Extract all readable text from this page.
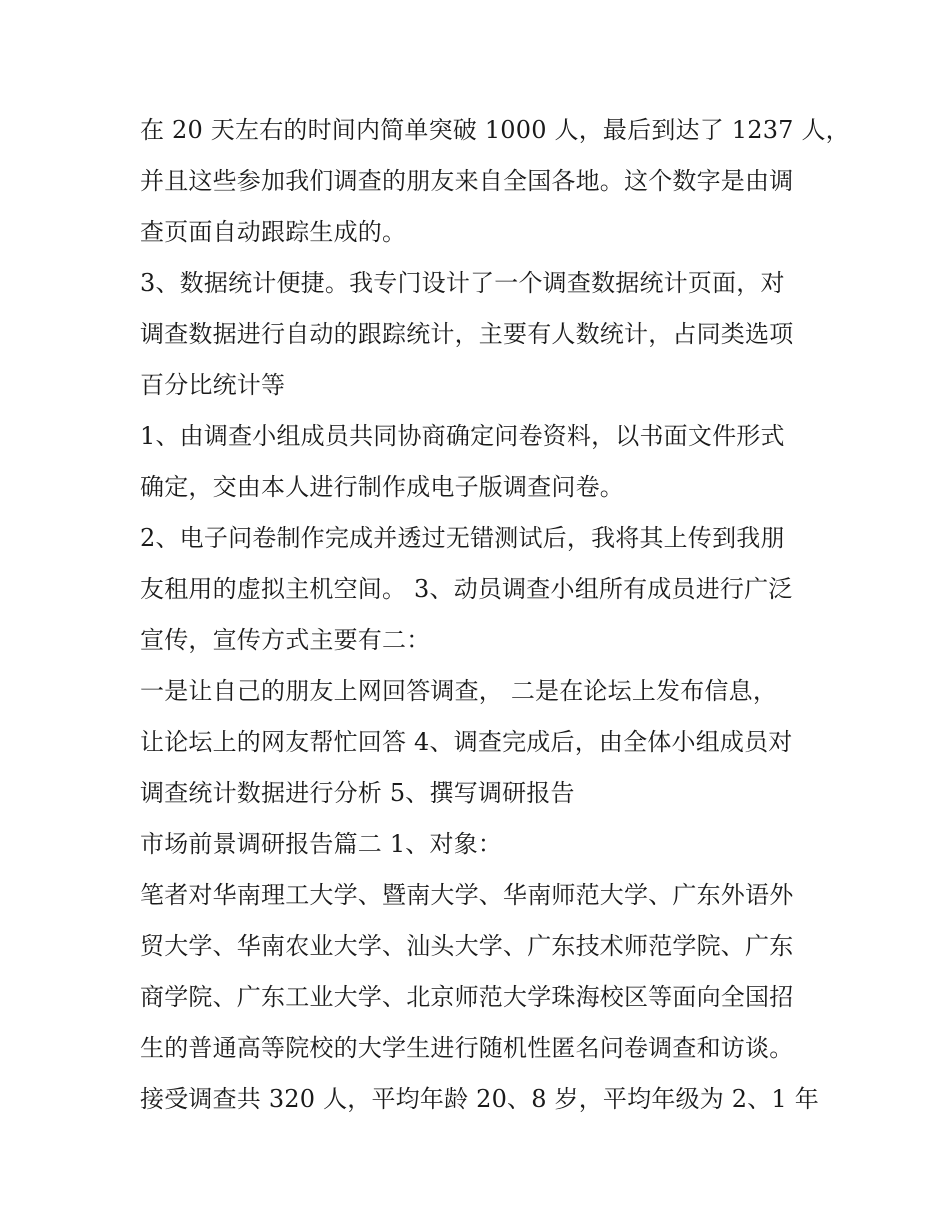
在 20 天左右的时间内简单突破 1000 人，最后到达了 1237 人，
并且这些参加我们调查的朋友来自全国各地。这个数字是由调
查页面自动跟踪生成的。
3、数据统计便捷。我专门设计了一个调查数据统计页面，对
调查数据进行自动的跟踪统计，主要有人数统计，占同类选项
百分比统计等
1、由调查小组成员共同协商确定问卷资料，以书面文件形式
确定，交由本人进行制作成电子版调查问卷。
2、电子问卷制作完成并透过无错测试后，我将其上传到我朋
友租用的虚拟主机空间。 3、动员调查小组所有成员进行广泛
宣传，宣传方式主要有二：
一是让自己的朋友上网回答调查， 二是在论坛上发布信息，
让论坛上的网友帮忙回答 4、调查完成后，由全体小组成员对
调查统计数据进行分析 5、撰写调研报告
市场前景调研报告篇二 1、对象：
笔者对华南理工大学、暨南大学、华南师范大学、广东外语外
贸大学、华南农业大学、汕头大学、广东技术师范学院、广东
商学院、广东工业大学、北京师范大学珠海校区等面向全国招
生的普通高等院校的大学生进行随机性匿名问卷调查和访谈。
接受调查共 320 人，平均年龄 20、8 岁，平均年级为 2、1 年
